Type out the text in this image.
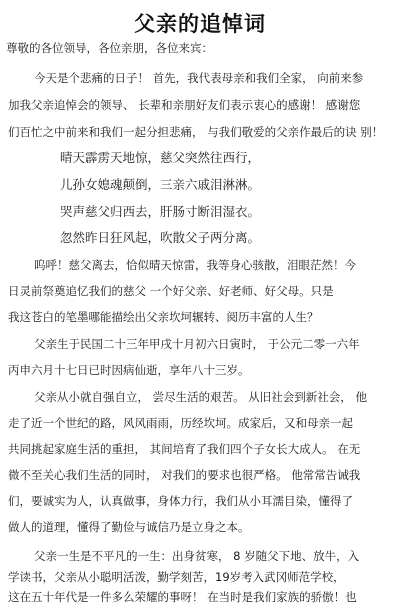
父亲的追悼词
尊敬的各位领导，各位亲朋，各位来宾：
今天是个悲痛的日子！ 首先，我代表母亲和我们全家， 向前来参
加我父亲追悼会的领导、 长辈和亲朋好友们表示衷心的感谢！ 感谢您
们百忙之中前来和我们一起分担悲痛， 与我们敬爱的父亲作最后的诀 别！
晴天霹雳天地惊，慈父突然往西行，
儿孙女媳魂颠倒，三亲六戚泪淋淋。
哭声慈父归西去，肝肠寸断泪湿衣。
忽然昨日狂风起，吹散父子两分离。
呜呼！慈父离去，恰似晴天惊雷，我等身心骇散，泪眼茫然！今
日灵前祭奠追忆我们的慈父 一个好父亲、好老师、好父母。只是
我这苍白的笔墨哪能描绘出父亲坎坷辗转、阅历丰富的人生？
父亲生于民国二十三年甲戌十月初六日寅时， 于公元二零一六年
丙申六月十七日已时因病仙逝，享年八十三岁。
父亲从小就自强自立， 尝尽生活的艰苦。 从旧社会到新社会， 他
走了近一个世纪的路，风风雨雨，历经坎坷。成家后，又和母亲一起
共同挑起家庭生活的重担， 其间培育了我们四个子女长大成人。 在无
微不至关心我们生活的同时， 对我们的要求也很严格。 他常常告诫我
们，要诚实为人，认真做事，身体力行，我们从小耳濡目染，懂得了
做人的道理，懂得了勤俭与诚信乃是立身之本。
父亲一生是不平凡的一生：出身贫寒， 8 岁随父下地、放牛，入
学读书，父亲从小聪明活泼，勤学刻苦，19岁考入武冈师范学校，
这在五十年代是一件多么荣耀的事呀！ 在当时是我们家族的骄傲！也
